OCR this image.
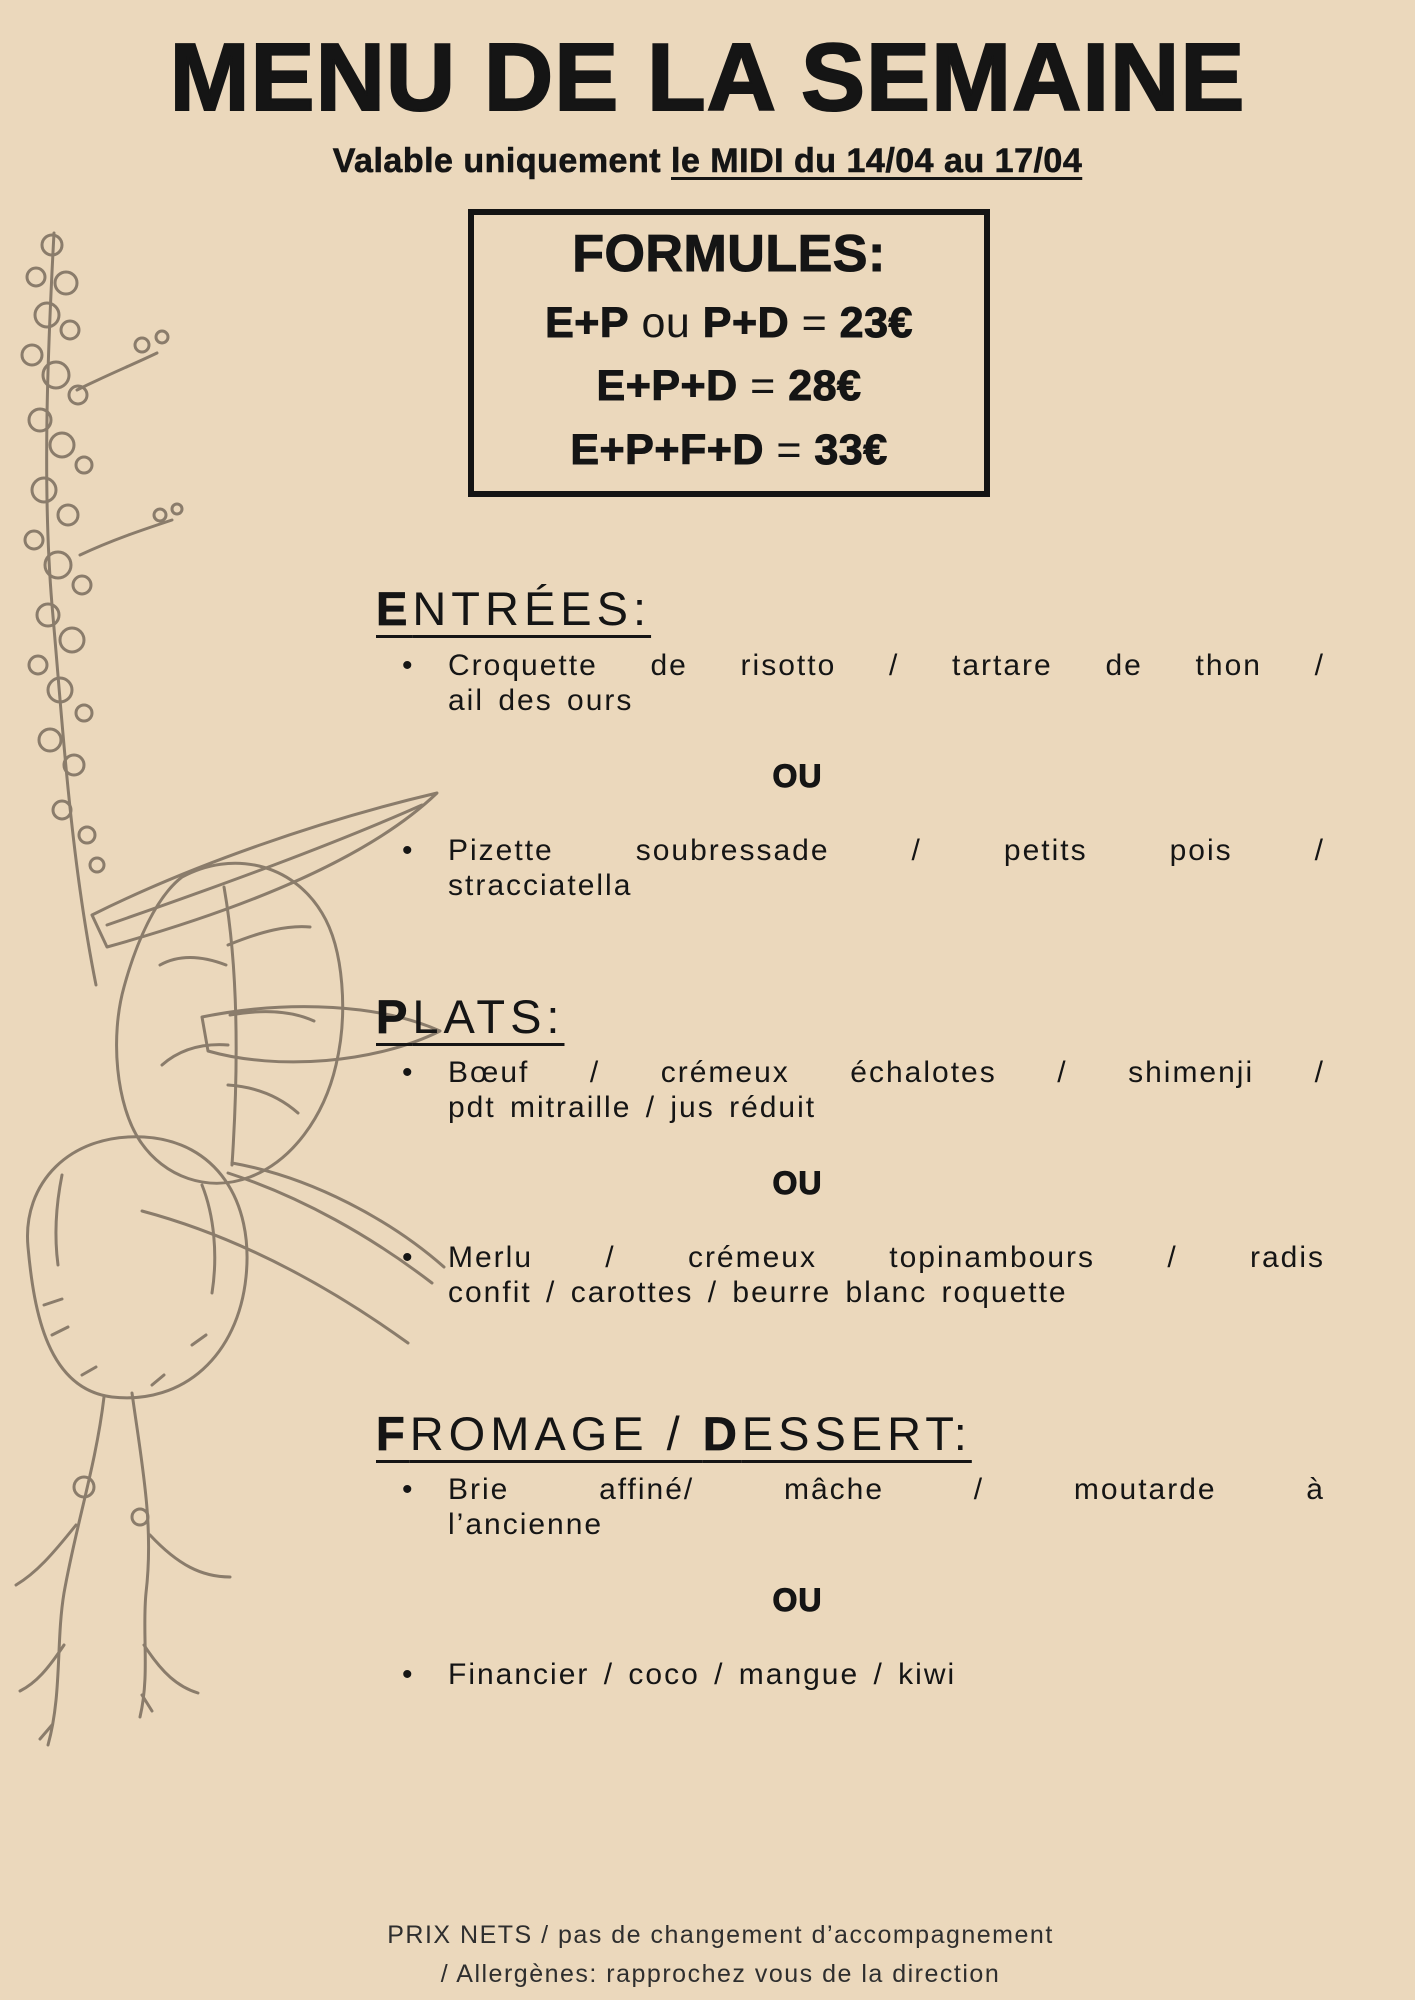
MENU DE LA SEMAINE

Valable uniquement le MIDI du 14/04 au 17/04

FORMULES:
E+P ou P+D = 23€
E+P+D = 28€
E+P+F+D = 33€
ENTRÉES:
•	Croquette de risotto / tartare de thon /
ail des ours
OU
•	Pizette soubressade / petits pois /
stracciatella
PLATS:
•	Bœuf / crémeux échalotes / shimenji /
pdt mitraille / jus réduit
OU
•	Merlu / crémeux topinambours / radis
confit / carottes / beurre blanc roquette
FROMAGE / DESSERT:
•	Brie affiné/ mâche / moutarde à
l’ancienne
OU
•	Financier / coco / mangue / kiwi
PRIX NETS / pas de changement d’accompagnement
/ Allergènes: rapprochez vous de la direction
